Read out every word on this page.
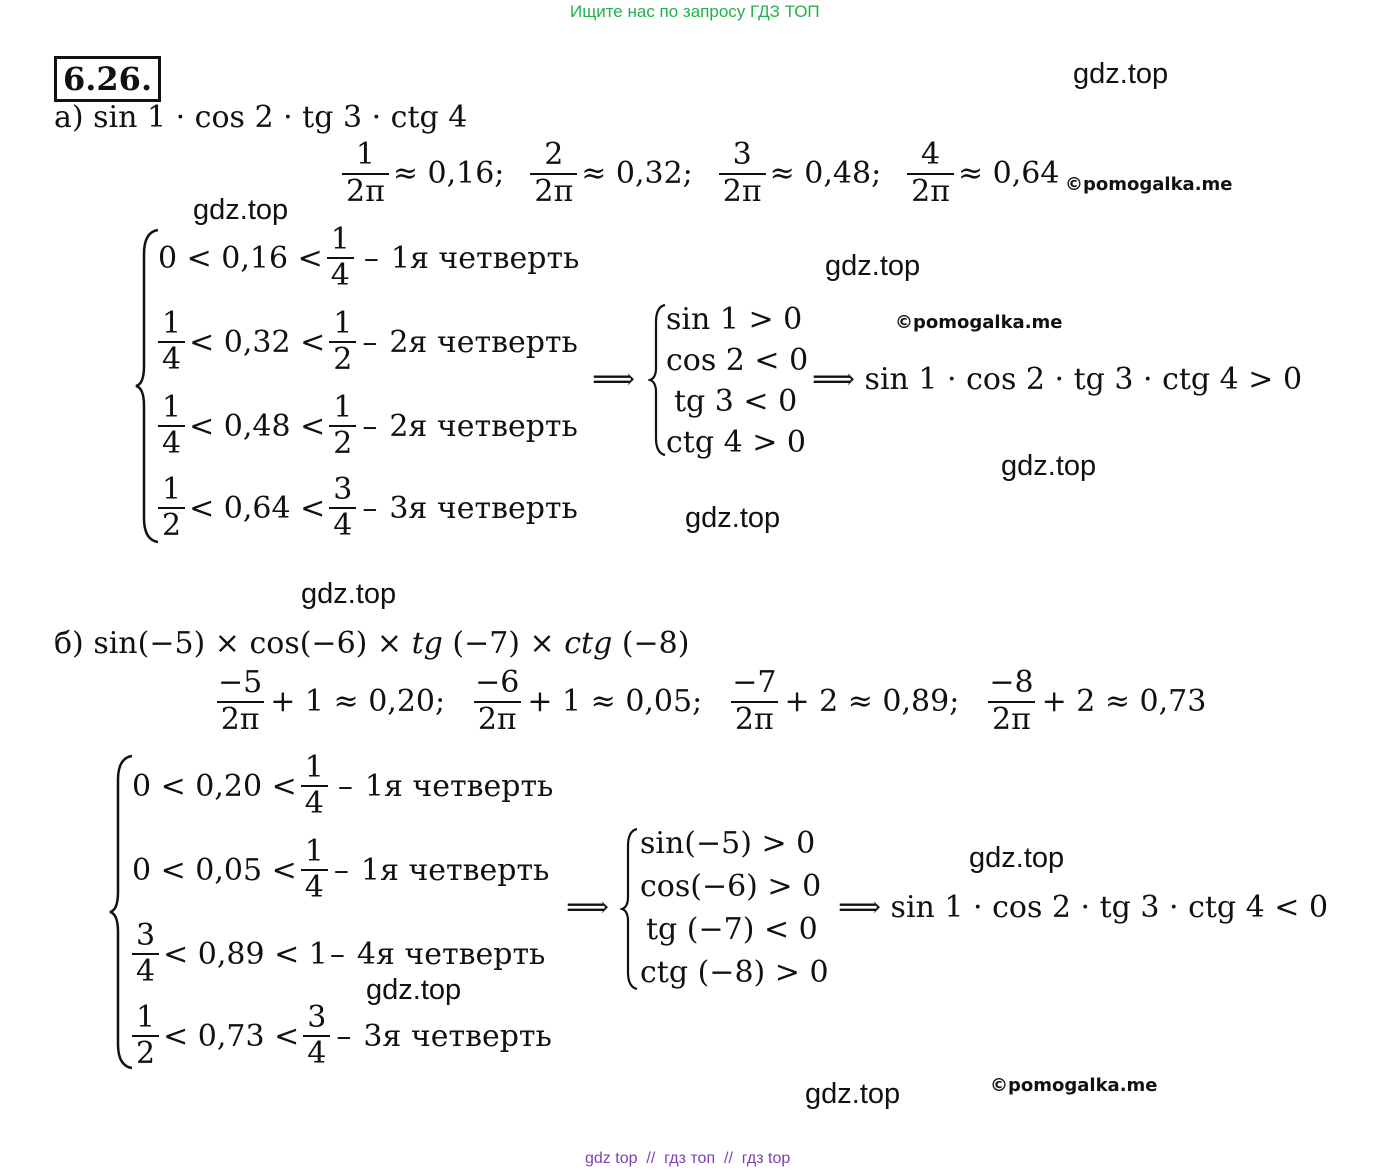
Ищите нас по запросу ГДЗ ТОП
6.26.	gdz.top
gdz.top
gdz.top
gdz.top
gdz.top
gdz.top
gdz.top
gdz.top
gdz.top
©pomogalka.me
©pomogalka.me
©pomogalka.me
а) sin 1 · cos 2 · tg 3 · ctg 4
$\frac{1}{2\pi} \approx 0,16$; $\frac{2}{2\pi} \approx 0,32$; $\frac{3}{2\pi} \approx 0,48$; $\frac{4}{2\pi} \approx 0,64$
$0 < 0,16 < \frac{1}{4} - 1я$ четверть
$\frac{1}{4} < 0,32 < \frac{1}{2} - 2я$ четверть
$\frac{1}{4} < 0,48 < \frac{1}{2} - 2я$ четверть
$\frac{1}{2} < 0,64 < \frac{3}{4} - 3я$ четверть
⟹
sin 1 > 0
cos 2 < 0
tg 3 < 0
ctg 4 > 0
⟹ sin 1 · cos 2 · tg 3 · ctg 4 > 0
б) sin(−5) × cos(−6) × tg (−7) × ctg (−8)
$\frac{-5}{2\pi} + 1 \approx 0,20$; $\frac{-6}{2\pi} + 1 \approx 0,05$; $\frac{-7}{2\pi} + 2 \approx 0,89$; $\frac{-8}{2\pi} + 2 \approx 0,73$
$0 < 0,20 < \frac{1}{4} - 1я$ четверть
$0 < 0,05 < \frac{1}{4} - 1я$ четверть
$\frac{3}{4} < 0,89 < 1 - 4я$ четверть
$\frac{1}{2} < 0,73 < \frac{3}{4} - 3я$ четверть
⟹
sin(−5) > 0
cos(−6) > 0
tg (−7) < 0
ctg (−8) > 0
⟹ sin 1 · cos 2 · tg 3 · ctg 4 < 0
gdz top  //  гдз топ  //  гдз top
